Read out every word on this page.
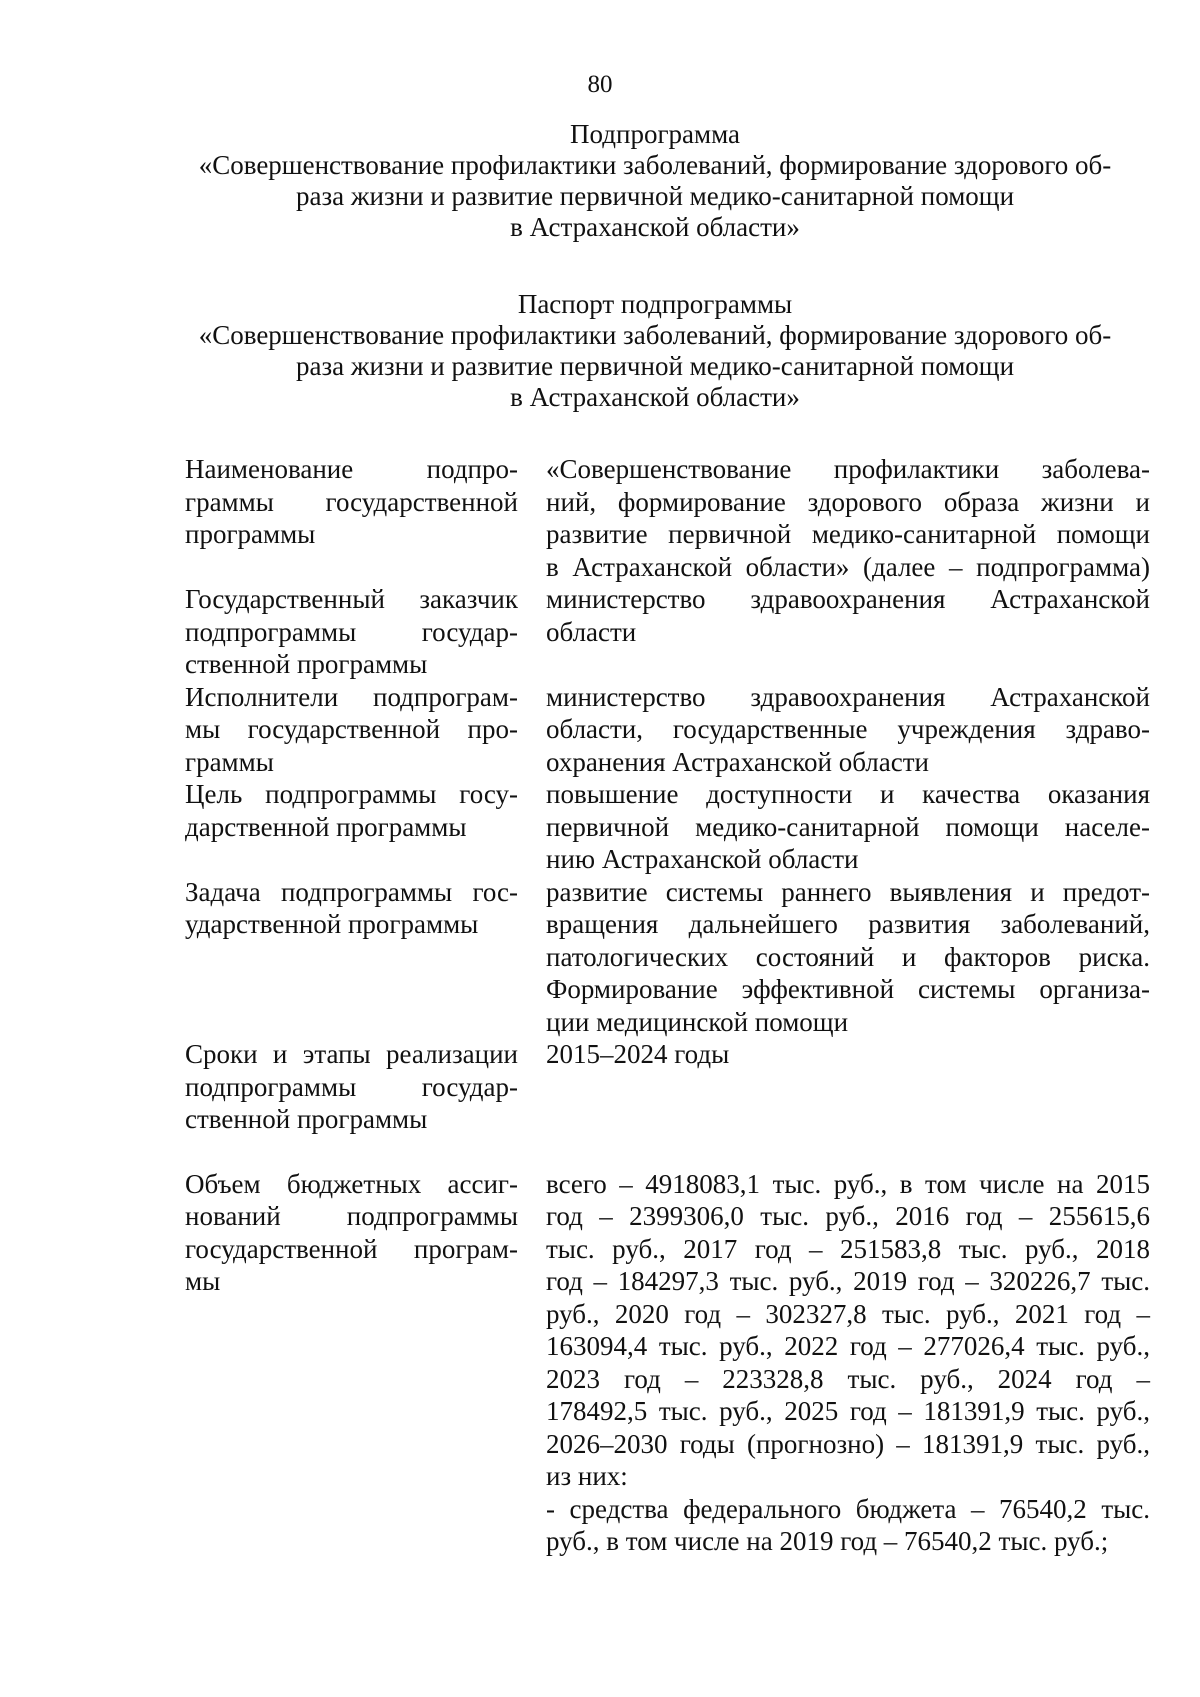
80
Подпрограмма
«Совершенствование профилактики заболеваний, формирование здорового об-
раза жизни и развитие первичной медико-санитарной помощи
в Астраханской области»
Паспорт подпрограммы
«Совершенствование профилактики заболеваний, формирование здорового об-
раза жизни и развитие первичной медико-санитарной помощи
в Астраханской области»
Наименование подпро-
граммы государственной
программы
«Совершенствование профилактики заболева-
ний, формирование здорового образа жизни и
развитие первичной медико-санитарной помощи
в Астраханской области» (далее – подпрограмма)
Государственный заказчик
подпрограммы государ-
ственной программы
министерство здравоохранения Астраханской
области
Исполнители подпрограм-
мы государственной про-
граммы
министерство здравоохранения Астраханской
области, государственные учреждения здраво-
охранения Астраханской области
Цель подпрограммы госу-
дарственной программы
повышение доступности и качества оказания
первичной медико-санитарной помощи населе-
нию Астраханской области
Задача подпрограммы гос-
ударственной программы
развитие системы раннего выявления и предот-
вращения дальнейшего развития заболеваний,
патологических состояний и факторов риска.
Формирование эффективной системы организа-
ции медицинской помощи
Сроки и этапы реализации
подпрограммы государ-
ственной программы
2015–2024 годы
Объем бюджетных ассиг-
нований подпрограммы
государственной програм-
мы
всего – 4918083,1 тыс. руб., в том числе на 2015
год – 2399306,0 тыс. руб., 2016 год – 255615,6
тыс. руб., 2017 год – 251583,8 тыс. руб., 2018
год – 184297,3 тыс. руб., 2019 год – 320226,7 тыс.
руб., 2020 год – 302327,8 тыс. руб., 2021 год –
163094,4 тыс. руб., 2022 год – 277026,4 тыс. руб.,
2023 год – 223328,8 тыс. руб., 2024 год –
178492,5 тыс. руб., 2025 год – 181391,9 тыс. руб.,
2026–2030 годы (прогнозно) – 181391,9 тыс. руб.,
из них:
- средства федерального бюджета – 76540,2 тыс.
руб., в том числе на 2019 год – 76540,2 тыс. руб.;
